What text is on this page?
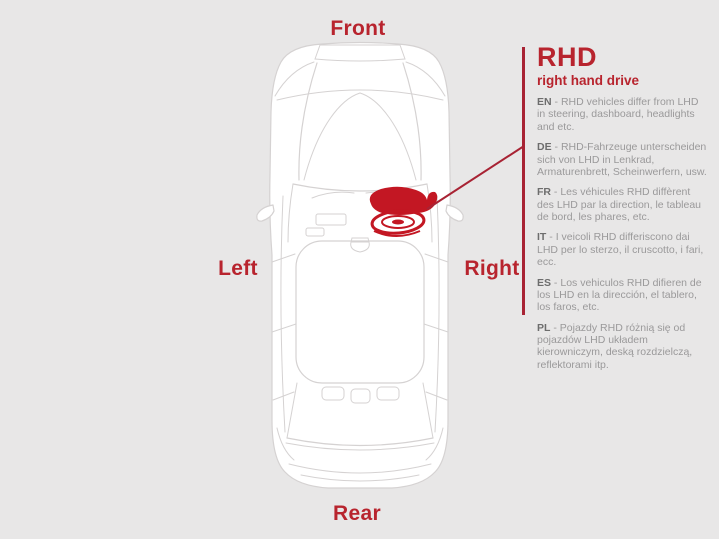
Front
Left	Right
Rear
RHD
right hand drive
EN - RHD vehicles differ from LHD in steering, dashboard, headlights and etc.
DE - RHD-Fahrzeuge unterscheiden sich von LHD in Lenkrad, Armaturenbrett, Scheinwerfern, usw.
FR - Les véhicules RHD diffèrent des LHD par la direction, le tableau de bord, les phares, etc.
IT - I veicoli RHD differiscono dai LHD per lo sterzo, il cruscotto, i fari, ecc.
ES - Los vehiculos RHD difieren de los LHD en la dirección, el tablero, los faros, etc.
PL - Pojazdy RHD różnią się od pojazdów LHD układem kierowniczym, deską rozdzielczą, reflektorami itp.
